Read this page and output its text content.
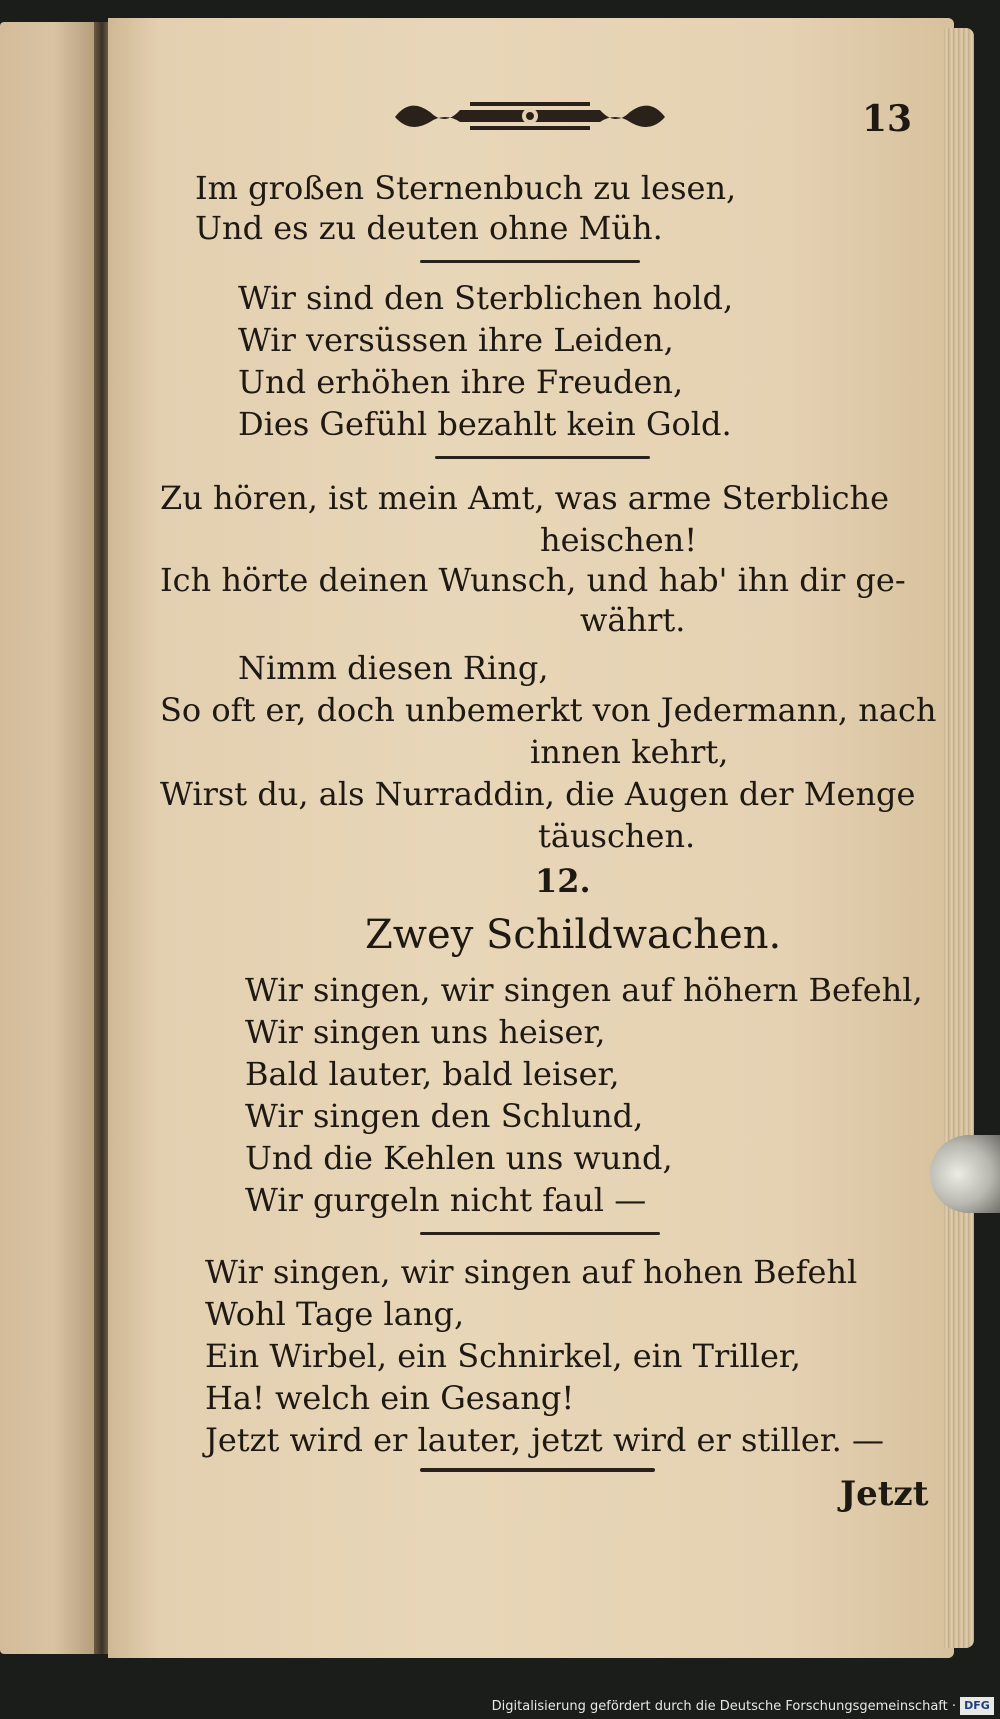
13
Im großen Sternenbuch zu lesen,
Und es zu deuten ohne Müh.
Wir sind den Sterblichen hold,
Wir versüssen ihre Leiden,
Und erhöhen ihre Freuden,
Dies Gefühl bezahlt kein Gold.
Zu hören, ist mein Amt, was arme Sterbliche
heischen!
Ich hörte deinen Wunsch, und hab' ihn dir ge-
währt.
Nimm diesen Ring,
So oft er, doch unbemerkt von Jedermann, nach
innen kehrt,
Wirst du, als Nurraddin, die Augen der Menge
täuschen.
12.
Zwey Schildwachen.
Wir singen, wir singen auf höhern Befehl,
Wir singen uns heiser,
Bald lauter, bald leiser,
Wir singen den Schlund,
Und die Kehlen uns wund,
Wir gurgeln nicht faul —
Wir singen, wir singen auf hohen Befehl
Wohl Tage lang,
Ein Wirbel, ein Schnirkel, ein Triller,
Ha! welch ein Gesang!
Jetzt wird er lauter, jetzt wird er stiller. —
Jetzt
Digitalisierung gefördert durch die Deutsche Forschungsgemeinschaft · DFG
